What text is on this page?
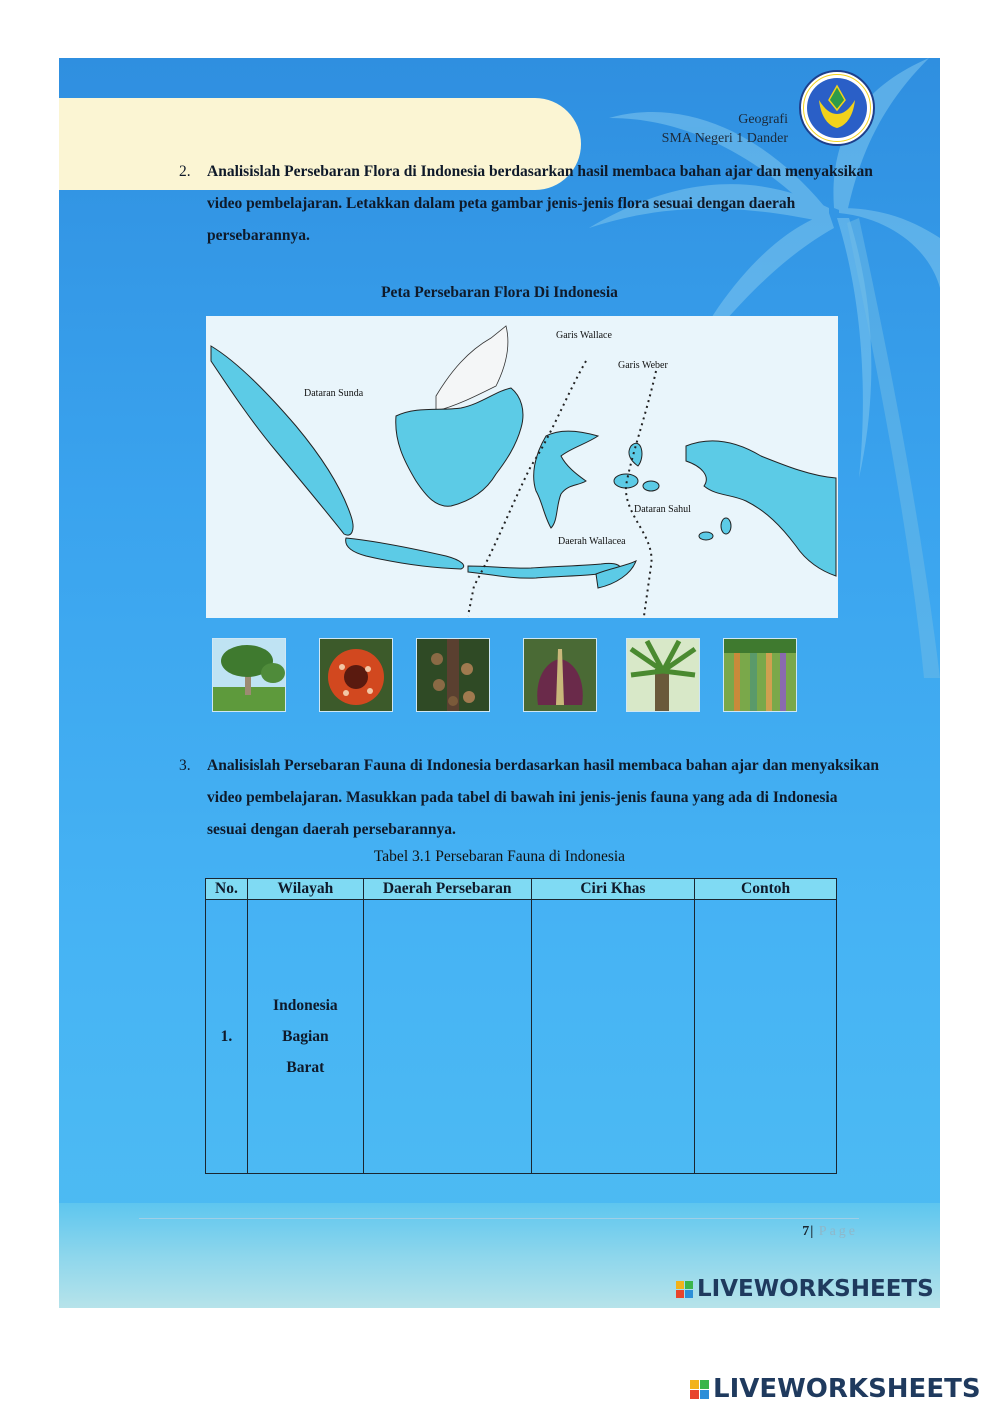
Geografi
SMA Negeri 1 Dander
2.	Analisislah Persebaran Flora di Indonesia berdasarkan hasil membaca bahan ajar dan menyaksikan video pembelajaran. Letakkan dalam peta gambar jenis-jenis flora sesuai dengan daerah persebarannya.
Peta Persebaran Flora Di Indonesia
Garis Wallace
Garis Weber
Dataran Sunda
Dataran Sahul
Daerah Wallacea
3.	Analisislah Persebaran Fauna di Indonesia berdasarkan hasil membaca bahan ajar dan menyaksikan video pembelajaran. Masukkan pada tabel di bawah ini jenis-jenis fauna yang ada di Indonesia sesuai dengan daerah persebarannya.
Tabel 3.1 Persebaran Fauna di Indonesia
No.	Wilayah	Daerah Persebaran	Ciri Khas	Contoh
1.	Indonesia
Bagian
Barat			

7| Page
LIVEWORKSHEETS
LIVEWORKSHEETS
